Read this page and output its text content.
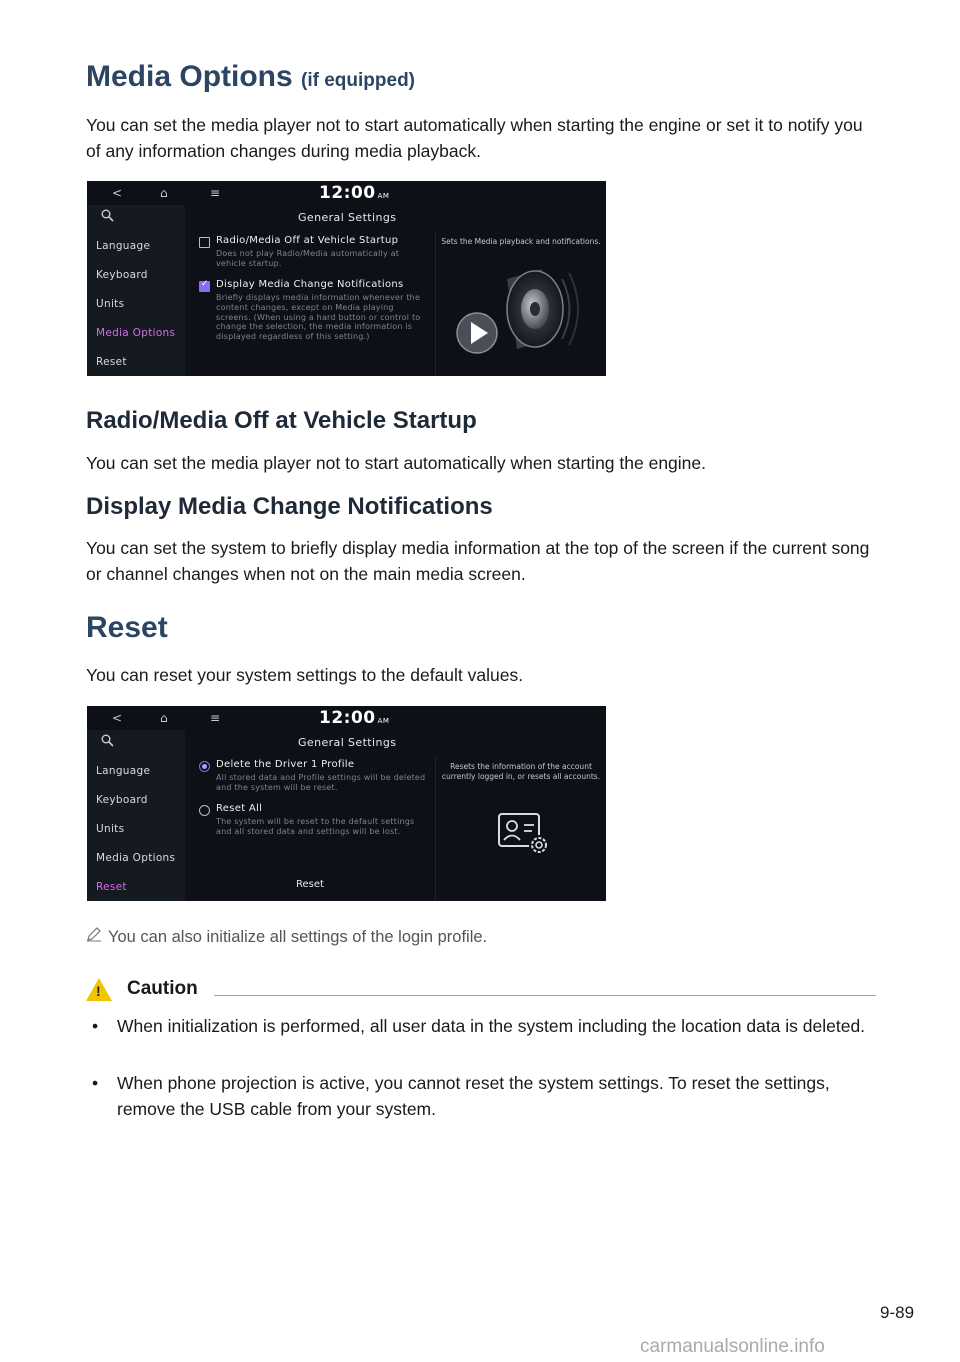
Media Options (if equipped)

You can set the media player not to start automatically when starting the engine or set it to notify you of any information changes during media playback.

<	⌂	≡	12:00 AM
Language
Keyboard
Units
Media Options
Reset
General Settings
Radio/Media Off at Vehicle Startup
Does not play Radio/Media automatically at vehicle startup.
✓
Display Media Change Notifications
Briefly displays media information whenever the content changes, except on Media playing screens. (When using a hard button or control to change the selection, the media information is displayed regardless of this setting.)
Sets the Media playback and notifications.
Radio/Media Off at Vehicle Startup

You can set the media player not to start automatically when starting the engine.

Display Media Change Notifications

You can set the system to briefly display media information at the top of the screen if the current song or channel changes when not on the main media screen.

Reset

You can reset your system settings to the default values.

<	⌂	≡	12:00 AM
Language
Keyboard
Units
Media Options
Reset
General Settings
Delete the Driver 1 Profile
All stored data and Profile settings will be deleted and the system will be reset.
Reset All
The system will be reset to the default settings and all stored data and settings will be lost.
Resets the information of the account currently logged in, or resets all accounts.
Reset
You can also initialize all settings of the login profile.
! Caution
• When initialization is performed, all user data in the system including the location data is deleted.
• When phone projection is active, you cannot reset the system settings. To reset the settings, remove the USB cable from your system.
9-89
carmanualsonline.info
